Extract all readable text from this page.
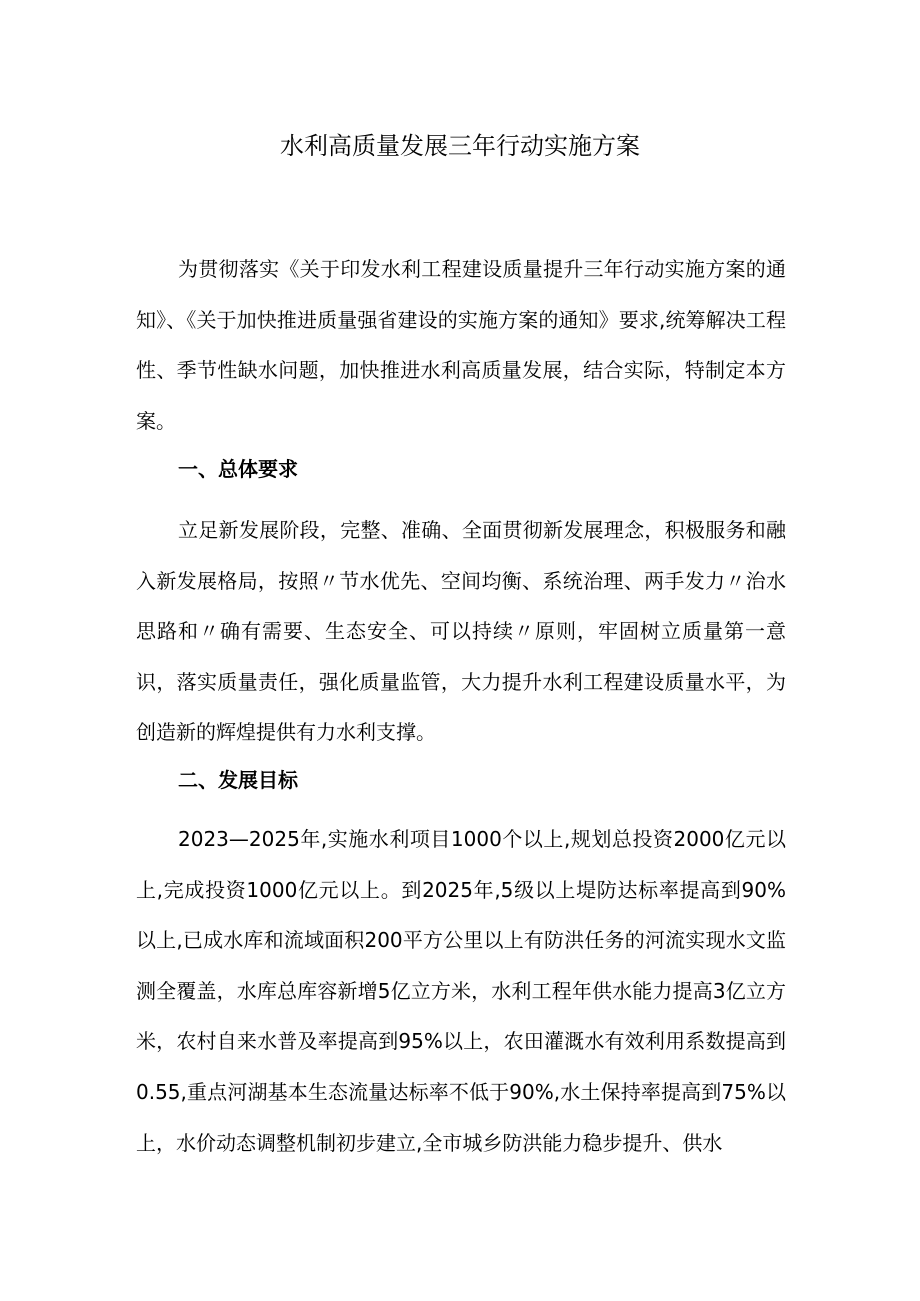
水利高质量发展三年行动实施方案

为贯彻落实《关于印发水利工程建设质量提升三年行动实施方案的通知》、《关于加快推进质量强省建设的实施方案的通知》要求,统筹解决工程性、季节性缺水问题，加快推进水利高质量发展，结合实际，特制定本方案。

一、总体要求

立足新发展阶段，完整、准确、全面贯彻新发展理念，积极服务和融入新发展格局，按照〃节水优先、空间均衡、系统治理、两手发力〃治水思路和〃确有需要、生态安全、可以持续〃原则，牢固树立质量第一意识，落实质量责任，强化质量监管，大力提升水利工程建设质量水平，为创造新的辉煌提供有力水利支撑。

二、发展目标

2023—2025年,实施水利项目1000个以上,规划总投资2000亿元以上,完成投资1000亿元以上。到2025年,5级以上堤防达标率提高到90%以上,已成水库和流域面积200平方公里以上有防洪任务的河流实现水文监测全覆盖，水库总库容新增5亿立方米，水利工程年供水能力提高3亿立方米，农村自来水普及率提高到95%以上，农田灌溉水有效利用系数提高到0.55,重点河湖基本生态流量达标率不低于90%,水土保持率提高到75%以上，水价动态调整机制初步建立,全市城乡防洪能力稳步提升、供水
